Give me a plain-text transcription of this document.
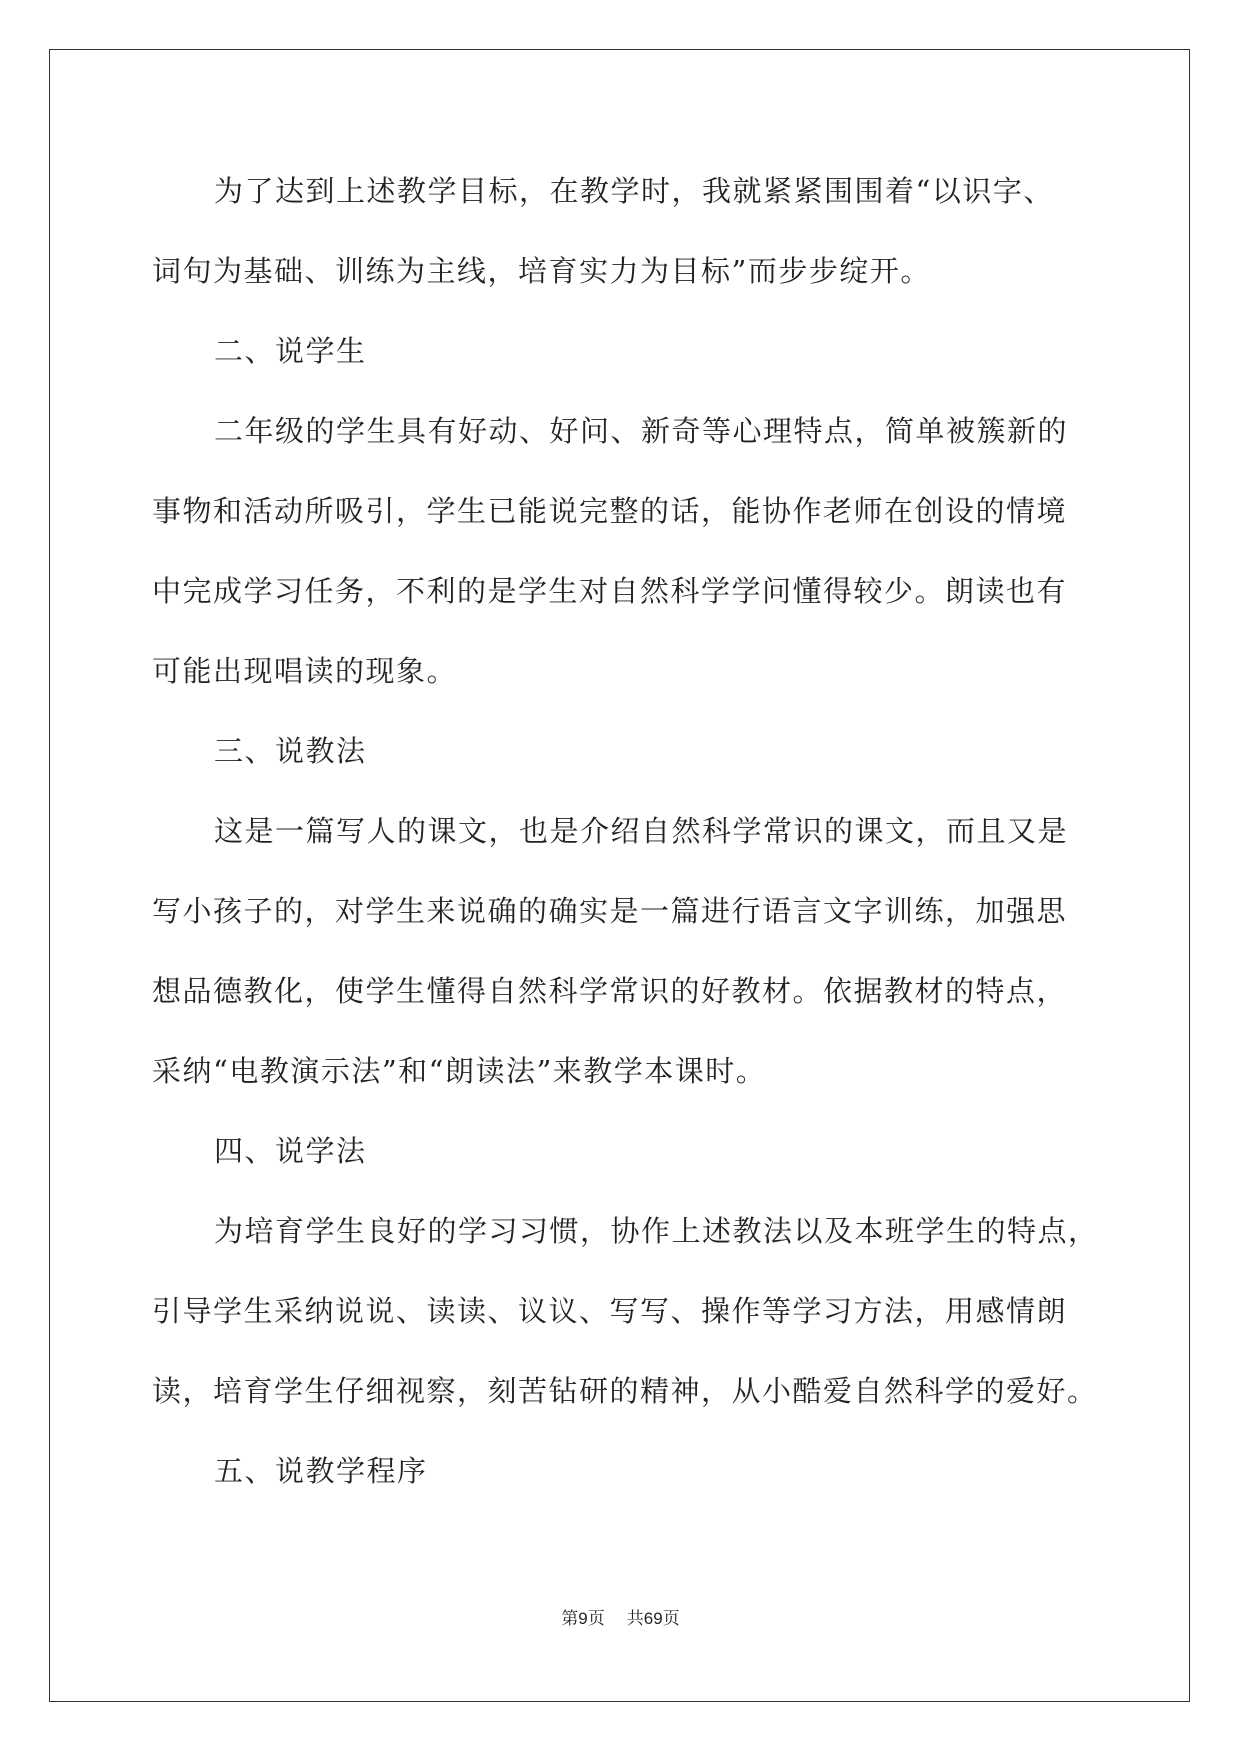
为了达到上述教学目标，在教学时，我就紧紧围围着“以识字、
词句为基础、训练为主线，培育实力为目标”而步步绽开。
二、说学生
二年级的学生具有好动、好问、新奇等心理特点，简单被簇新的
事物和活动所吸引，学生已能说完整的话，能协作老师在创设的情境
中完成学习任务，不利的是学生对自然科学学问懂得较少。朗读也有
可能出现唱读的现象。
三、说教法
这是一篇写人的课文，也是介绍自然科学常识的课文，而且又是
写小孩子的，对学生来说确的确实是一篇进行语言文字训练，加强思
想品德教化，使学生懂得自然科学常识的好教材。依据教材的特点，
采纳“电教演示法”和“朗读法”来教学本课时。
四、说学法
为培育学生良好的学习习惯，协作上述教法以及本班学生的特点，
引导学生采纳说说、读读、议议、写写、操作等学习方法，用感情朗
读，培育学生仔细视察，刻苦钻研的精神，从小酷爱自然科学的爱好。
五、说教学程序
第9页 共69页
